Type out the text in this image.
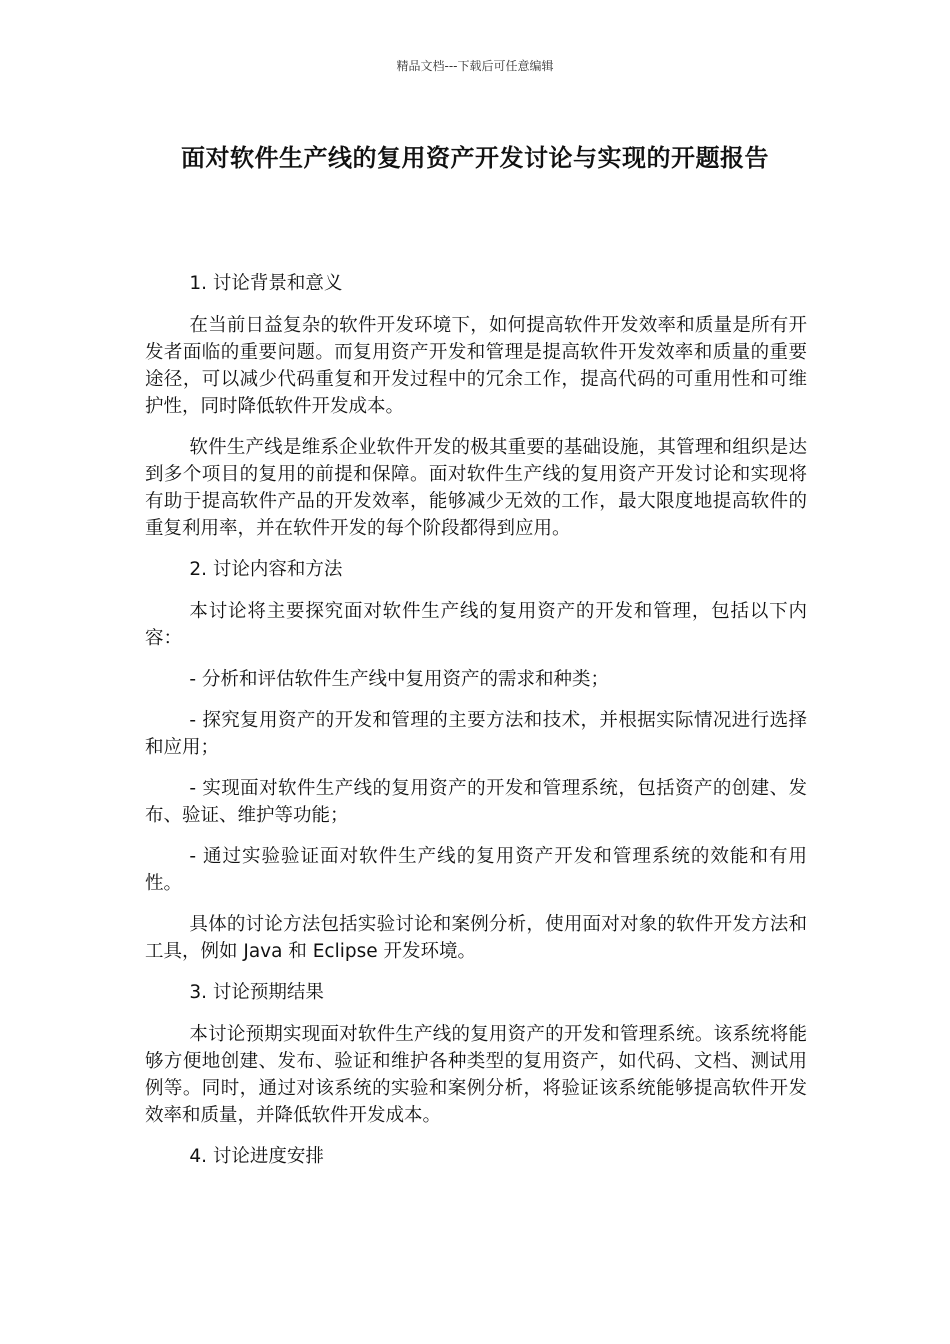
精品文档---下载后可任意编辑
面对软件生产线的复用资产开发讨论与实现的开题报告

1. 讨论背景和意义

在当前日益复杂的软件开发环境下，如何提高软件开发效率和质量是所有开发者面临的重要问题。而复用资产开发和管理是提高软件开发效率和质量的重要途径，可以减少代码重复和开发过程中的冗余工作，提高代码的可重用性和可维护性，同时降低软件开发成本。

软件生产线是维系企业软件开发的极其重要的基础设施，其管理和组织是达到多个项目的复用的前提和保障。面对软件生产线的复用资产开发讨论和实现将有助于提高软件产品的开发效率，能够减少无效的工作，最大限度地提高软件的重复利用率，并在软件开发的每个阶段都得到应用。

2. 讨论内容和方法

本讨论将主要探究面对软件生产线的复用资产的开发和管理，包括以下内容：

- 分析和评估软件生产线中复用资产的需求和种类；

- 探究复用资产的开发和管理的主要方法和技术，并根据实际情况进行选择和应用；

- 实现面对软件生产线的复用资产的开发和管理系统，包括资产的创建、发布、验证、维护等功能；

- 通过实验验证面对软件生产线的复用资产开发和管理系统的效能和有用性。

具体的讨论方法包括实验讨论和案例分析，使用面对对象的软件开发方法和工具，例如 Java 和 Eclipse 开发环境。

3. 讨论预期结果

本讨论预期实现面对软件生产线的复用资产的开发和管理系统。该系统将能够方便地创建、发布、验证和维护各种类型的复用资产，如代码、文档、测试用例等。同时，通过对该系统的实验和案例分析，将验证该系统能够提高软件开发效率和质量，并降低软件开发成本。

4. 讨论进度安排
